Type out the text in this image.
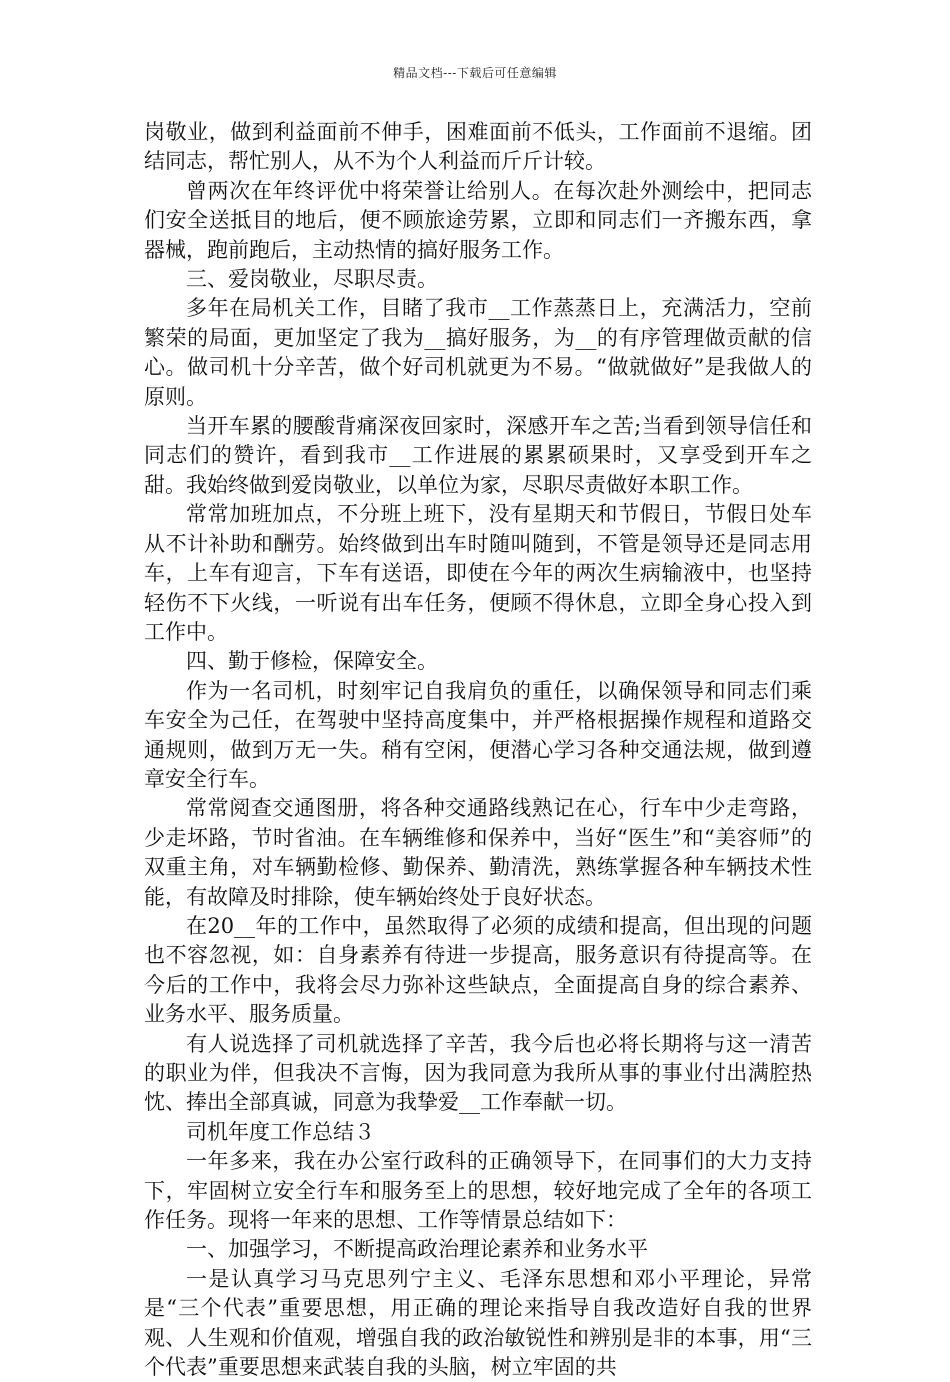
精品文档---下载后可任意编辑

岗敬业，做到利益面前不伸手，困难面前不低头，工作面前不退缩。团结同志，帮忙别人，从不为个人利益而斤斤计较。

曾两次在年终评优中将荣誉让给别人。在每次赴外测绘中，把同志们安全送抵目的地后，便不顾旅途劳累，立即和同志们一齐搬东西，拿器械，跑前跑后，主动热情的搞好服务工作。

三、爱岗敬业，尽职尽责。

多年在局机关工作，目睹了我市__工作蒸蒸日上，充满活力，空前繁荣的局面，更加坚定了我为__搞好服务，为__的有序管理做贡献的信心。做司机十分辛苦，做个好司机就更为不易。“做就做好”是我做人的原则。

当开车累的腰酸背痛深夜回家时，深感开车之苦;当看到领导信任和同志们的赞许，看到我市__工作进展的累累硕果时，又享受到开车之甜。我始终做到爱岗敬业，以单位为家，尽职尽责做好本职工作。

常常加班加点，不分班上班下，没有星期天和节假日，节假日处车从不计补助和酬劳。始终做到出车时随叫随到，不管是领导还是同志用车，上车有迎言，下车有送语，即使在今年的两次生病输液中，也坚持轻伤不下火线，一听说有出车任务，便顾不得休息，立即全身心投入到工作中。

四、勤于修检，保障安全。

作为一名司机，时刻牢记自我肩负的重任，以确保领导和同志们乘车安全为己任，在驾驶中坚持高度集中，并严格根据操作规程和道路交通规则，做到万无一失。稍有空闲，便潜心学习各种交通法规，做到遵章安全行车。

常常阅查交通图册，将各种交通路线熟记在心，行车中少走弯路，少走坏路，节时省油。在车辆维修和保养中，当好“医生”和“美容师”的双重主角，对车辆勤检修、勤保养、勤清洗，熟练掌握各种车辆技术性能，有故障及时排除，使车辆始终处于良好状态。

在20__年的工作中，虽然取得了必须的成绩和提高，但出现的问题也不容忽视，如：自身素养有待进一步提高，服务意识有待提高等。在今后的工作中，我将会尽力弥补这些缺点，全面提高自身的综合素养、业务水平、服务质量。

有人说选择了司机就选择了辛苦，我今后也必将长期将与这一清苦的职业为伴，但我决不言悔，因为我同意为我所从事的事业付出满腔热忱、捧出全部真诚，同意为我挚爱__工作奉献一切。

司机年度工作总结３

一年多来，我在办公室行政科的正确领导下，在同事们的大力支持下，牢固树立安全行车和服务至上的思想，较好地完成了全年的各项工作任务。现将一年来的思想、工作等情景总结如下：

一、加强学习，不断提高政治理论素养和业务水平

一是认真学习马克思列宁主义、毛泽东思想和邓小平理论，异常是“三个代表”重要思想，用正确的理论来指导自我改造好自我的世界观、人生观和价值观，增强自我的政治敏锐性和辨别是非的本事，用“三个代表”重要思想来武装自我的头脑，树立牢固的共
